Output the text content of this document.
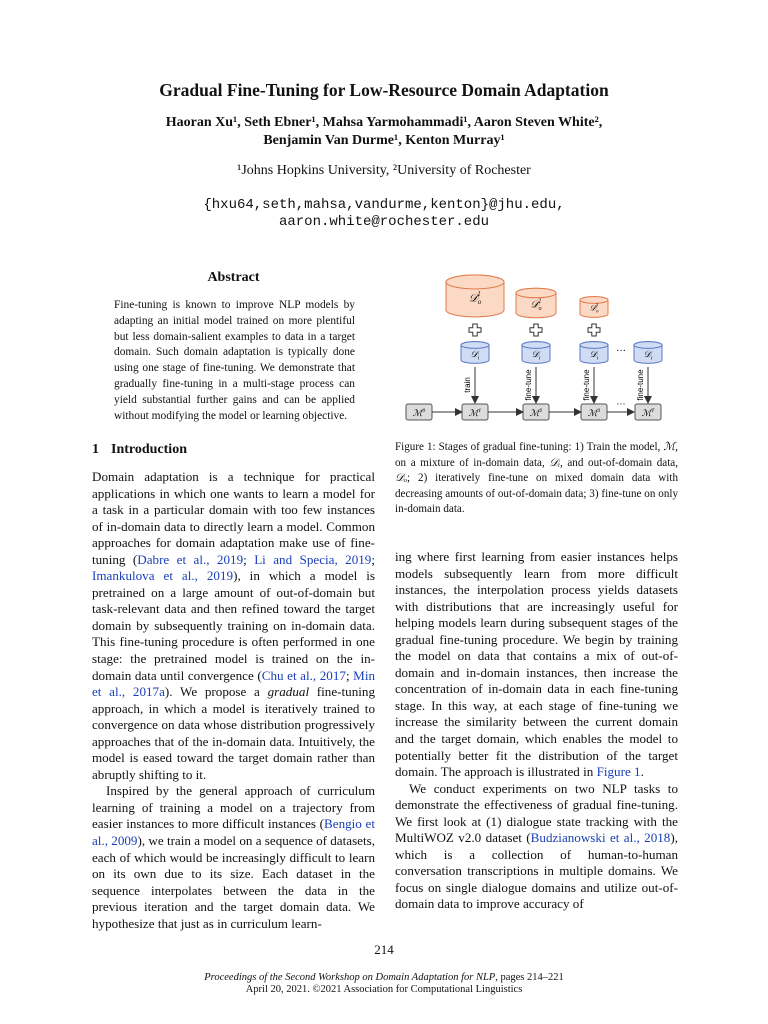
Gradual Fine-Tuning for Low-Resource Domain Adaptation
Haoran Xu¹, Seth Ebner¹, Mahsa Yarmohammadi¹, Aaron Steven White²,
Benjamin Van Durme¹, Kenton Murray¹
¹Johns Hopkins University, ²University of Rochester
{hxu64,seth,mahsa,vandurme,kenton}@jhu.edu,
aaron.white@rochester.edu
Abstract
Fine-tuning is known to improve NLP models by adapting an initial model trained on more plentiful but less domain-salient examples to data in a target domain. Such domain adaptation is typically done using one stage of fine-tuning. We demonstrate that gradually fine-tuning in a multi-stage process can yield substantial further gains and can be applied without modifying the model or learning objective.
1 Introduction

Domain adaptation is a technique for practical applications in which one wants to learn a model for a task in a particular domain with too few instances of in-domain data to directly learn a model. Common approaches for domain adaptation make use of fine-tuning (Dabre et al., 2019; Li and Specia, 2019; Imankulova et al., 2019), in which a model is pretrained on a large amount of out-of-domain but task-relevant data and then refined toward the target domain by subsequently training on in-domain data. This fine-tuning procedure is often performed in one stage: the pretrained model is trained on the in-domain data until convergence (Chu et al., 2017; Min et al., 2017a). We propose a gradual fine-tuning approach, in which a model is iteratively trained to convergence on data whose distribution progressively approaches that of the in-domain data. Intuitively, the model is eased toward the target domain rather than abruptly shifting to it.

Inspired by the general approach of curriculum learning of training a model on a trajectory from easier instances to more difficult instances (Bengio et al., 2009), we train a model on a sequence of datasets, each of which would be increasingly difficult to learn on its own due to its size. Each dataset in the sequence interpolates between the data in the previous iteration and the target domain data. We hypothesize that just as in curriculum learn-

ing where first learning from easier instances helps models subsequently learn from more difficult instances, the interpolation process yields datasets with distributions that are increasingly useful for helping models learn during subsequent stages of the gradual fine-tuning procedure. We begin by training the model on data that contains a mix of out-of-domain and in-domain instances, then increase the concentration of in-domain data in each fine-tuning stage. In this way, at each stage of fine-tuning we increase the similarity between the current domain and the target domain, which enables the model to potentially better fit the distribution of the target domain. The approach is illustrated in Figure 1.

We conduct experiments on two NLP tasks to demonstrate the effectiveness of gradual fine-tuning. We first look at (1) dialogue state tracking with the MultiWOZ v2.0 dataset (Budzianowski et al., 2018), which is a collection of human-to-human conversation transcriptions in multiple domains. We focus on single dialogue domains and utilize out-of-domain data to improve accuracy of

𝒟$_o$1
𝒟$_o$2
𝒟$_o$3
𝒟$_i$	𝒟$_i$	𝒟$_i$	𝒟$_i$
···
train	fine-tune	fine-tune	fine-tune
ℳ$^0$	ℳ$^1$	ℳ$^2$	ℳ$^3$	ℳ$^T$
···
Figure 1: Stages of gradual fine-tuning: 1) Train the model, ℳ, on a mixture of in-domain data, 𝒟ᵢ, and out-of-domain data, 𝒟ₒ; 2) iteratively fine-tune on mixed domain data with decreasing amounts of out-of-domain data; 3) fine-tune on only in-domain data.
214
Proceedings of the Second Workshop on Domain Adaptation for NLP, pages 214–221
April 20, 2021. ©2021 Association for Computational Linguistics
